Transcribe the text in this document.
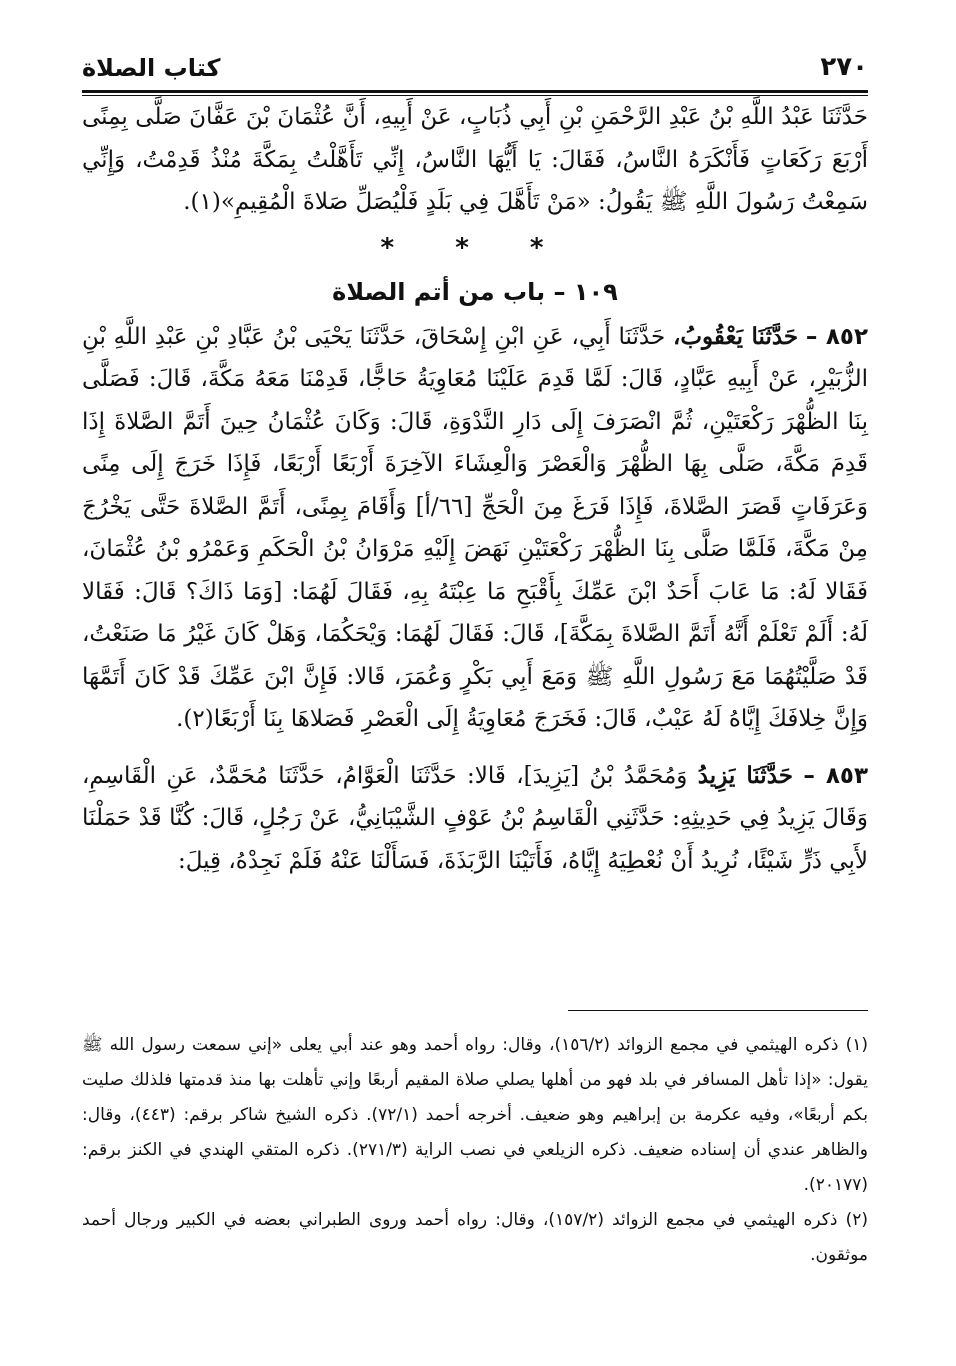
٢٧٠
كتاب الصلاة

حَدَّثَنَا عَبْدُ اللَّهِ بْنُ عَبْدِ الرَّحْمَنِ بْنِ أَبِي ذُبَابٍ، عَنْ أَبِيهِ، أَنَّ عُثْمَانَ بْنَ عَفَّانَ صَلَّى بِمِنًى أَرْبَعَ رَكَعَاتٍ فَأَنْكَرَهُ النَّاسُ، فَقَالَ: يَا أَيُّهَا النَّاسُ، إِنِّي تَأَهَّلْتُ بِمَكَّةَ مُنْذُ قَدِمْتُ، وَإِنِّي سَمِعْتُ رَسُولَ اللَّهِ ﷺ يَقُولُ: «مَنْ تَأَهَّلَ فِي بَلَدٍ فَلْيُصَلِّ صَلاةَ الْمُقِيمِ»(١).

* * *
١٠٩ – باب من أتم الصلاة

٨٥٢ – حَدَّثَنَا يَعْقُوبُ، حَدَّثَنَا أَبِي، عَنِ ابْنِ إِسْحَاقَ، حَدَّثَنَا يَحْيَى بْنُ عَبَّادِ بْنِ عَبْدِ اللَّهِ بْنِ الزُّبَيْرِ، عَنْ أَبِيهِ عَبَّادٍ، قَالَ: لَمَّا قَدِمَ عَلَيْنَا مُعَاوِيَةُ حَاجًّا، قَدِمْنَا مَعَهُ مَكَّةَ، قَالَ: فَصَلَّى بِنَا الظُّهْرَ رَكْعَتَيْنِ، ثُمَّ انْصَرَفَ إِلَى دَارِ النَّدْوَةِ، قَالَ: وَكَانَ عُثْمَانُ حِينَ أَتَمَّ الصَّلاةَ إِذَا قَدِمَ مَكَّةَ، صَلَّى بِهَا الظُّهْرَ وَالْعَصْرَ وَالْعِشَاءَ الآخِرَةَ أَرْبَعًا أَرْبَعًا، فَإِذَا خَرَجَ إِلَى مِنًى وَعَرَفَاتٍ قَصَرَ الصَّلاةَ، فَإِذَا فَرَغَ مِنَ الْحَجِّ [٦٦/أ] وَأَقَامَ بِمِنًى، أَتَمَّ الصَّلاةَ حَتَّى يَخْرُجَ مِنْ مَكَّةَ، فَلَمَّا صَلَّى بِنَا الظُّهْرَ رَكْعَتَيْنِ نَهَضَ إِلَيْهِ مَرْوَانُ بْنُ الْحَكَمِ وَعَمْرُو بْنُ عُثْمَانَ، فَقَالا لَهُ: مَا عَابَ أَحَدٌ ابْنَ عَمِّكَ بِأَقْبَحِ مَا عِبْتَهُ بِهِ، فَقَالَ لَهُمَا: [وَمَا ذَاكَ؟ قَالَ: فَقَالا لَهُ: أَلَمْ تَعْلَمْ أَنَّهُ أَتَمَّ الصَّلاةَ بِمَكَّةَ]، قَالَ: فَقَالَ لَهُمَا: وَيْحَكُمَا، وَهَلْ كَانَ غَيْرُ مَا صَنَعْتُ، قَدْ صَلَّيْتُهُمَا مَعَ رَسُولِ اللَّهِ ﷺ وَمَعَ أَبِي بَكْرٍ وَعُمَرَ، قَالا: فَإِنَّ ابْنَ عَمِّكَ قَدْ كَانَ أَتَمَّهَا وَإِنَّ خِلافَكَ إِيَّاهُ لَهُ عَيْبٌ، قَالَ: فَخَرَجَ مُعَاوِيَةُ إِلَى الْعَصْرِ فَصَلاهَا بِنَا أَرْبَعًا(٢).

٨٥٣ – حَدَّثَنَا يَزِيدُ وَمُحَمَّدُ بْنُ [يَزِيدَ]، قَالا: حَدَّثَنَا الْعَوَّامُ، حَدَّثَنَا مُحَمَّدٌ، عَنِ الْقَاسِمِ، وَقَالَ يَزِيدُ فِي حَدِيثِهِ: حَدَّثَنِي الْقَاسِمُ بْنُ عَوْفٍ الشَّيْبَانِيُّ، عَنْ رَجُلٍ، قَالَ: كُنَّا قَدْ حَمَلْنَا لأَبِي ذَرٍّ شَيْئًا، نُرِيدُ أَنْ نُعْطِيَهُ إِيَّاهُ، فَأَتَيْنَا الرَّبَذَةَ، فَسَأَلْنَا عَنْهُ فَلَمْ نَجِدْهُ، قِيلَ:

(١) ذكره الهيثمي في مجمع الزوائد (١٥٦/٢)، وقال: رواه أحمد وهو عند أبي يعلى «إني سمعت رسول الله ﷺ يقول: «إذا تأهل المسافر في بلد فهو من أهلها يصلي صلاة المقيم أربعًا وإني تأهلت بها منذ قدمتها فلذلك صليت بكم أربعًا»، وفيه عكرمة بن إبراهيم وهو ضعيف. أخرجه أحمد (٧٢/١). ذكره الشيخ شاكر برقم: (٤٤٣)، وقال: والظاهر عندي أن إسناده ضعيف. ذكره الزيلعي في نصب الراية (٢٧١/٣). ذكره المتقي الهندي في الكنز برقم: (٢٠١٧٧).

(٢) ذكره الهيثمي في مجمع الزوائد (١٥٧/٢)، وقال: رواه أحمد وروى الطبراني بعضه في الكبير ورجال أحمد موثقون.
